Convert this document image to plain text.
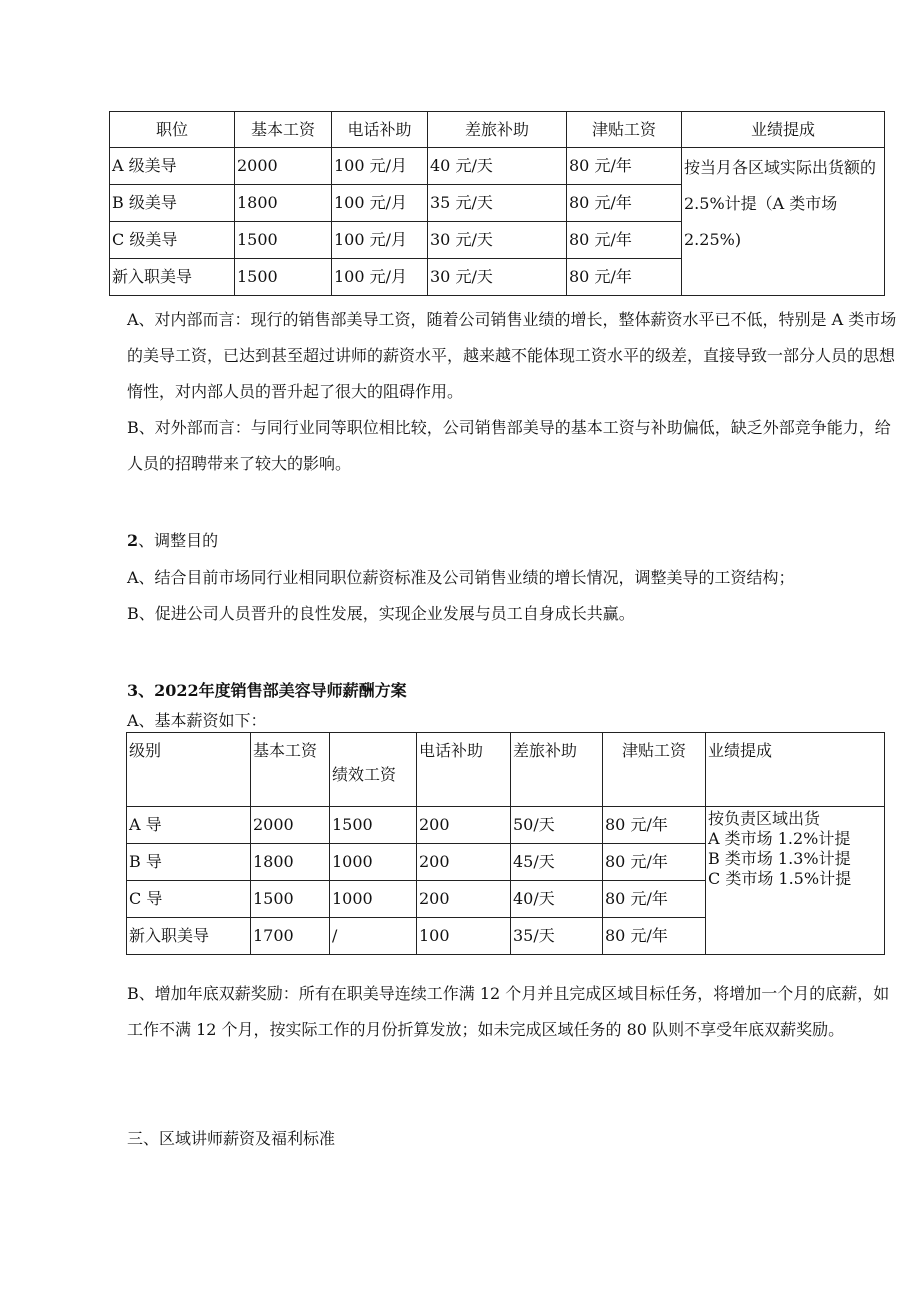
职位	基本工资	电话补助	差旅补助	津贴工资	业绩提成
A 级美导	2000	100 元/月	40 元/天	80 元/年	按当月各区域实际出货额的 2.5%计提（A 类市场 2.25%)
B 级美导	1800	100 元/月	35 元/天	80 元/年	
C 级美导	1500	100 元/月	30 元/天	80 元/年	
新入职美导	1500	100 元/月	30 元/天	80 元/年	

A、对内部而言：现行的销售部美导工资，随着公司销售业绩的增长，整体薪资水平已不低，特别是 A 类市场的美导工资，已达到甚至超过讲师的薪资水平，越来越不能体现工资水平的级差，直接导致一部分人员的思想惰性，对内部人员的晋升起了很大的阻碍作用。

B、对外部而言：与同行业同等职位相比较，公司销售部美导的基本工资与补助偏低，缺乏外部竞争能力，给人员的招聘带来了较大的影响。

2、调整目的
A、结合目前市场同行业相同职位薪资标准及公司销售业绩的增长情况，调整美导的工资结构；
B、促进公司人员晋升的良性发展，实现企业发展与员工自身成长共赢。
3、2022年度销售部美容导师薪酬方案
A、基本薪资如下：
级别	基本工资	绩效工资	电话补助	差旅补助	津贴工资	业绩提成
A 导	2000	1500	200	50/天	80 元/年	按负责区域出货
A 类市场 1.2%计提
B 类市场 1.3%计提
C 类市场 1.5%计提

B 导	1800	1000	200	45/天	80 元/年	
C 导	1500	1000	200	40/天	80 元/年	
新入职美导	1700	/	100	35/天	80 元/年	

B、增加年底双薪奖励：所有在职美导连续工作满 12 个月并且完成区域目标任务，将增加一个月的底薪，如工作不满 12 个月，按实际工作的月份折算发放；如未完成区域任务的 80 队则不享受年底双薪奖励。

三、区域讲师薪资及福利标准
